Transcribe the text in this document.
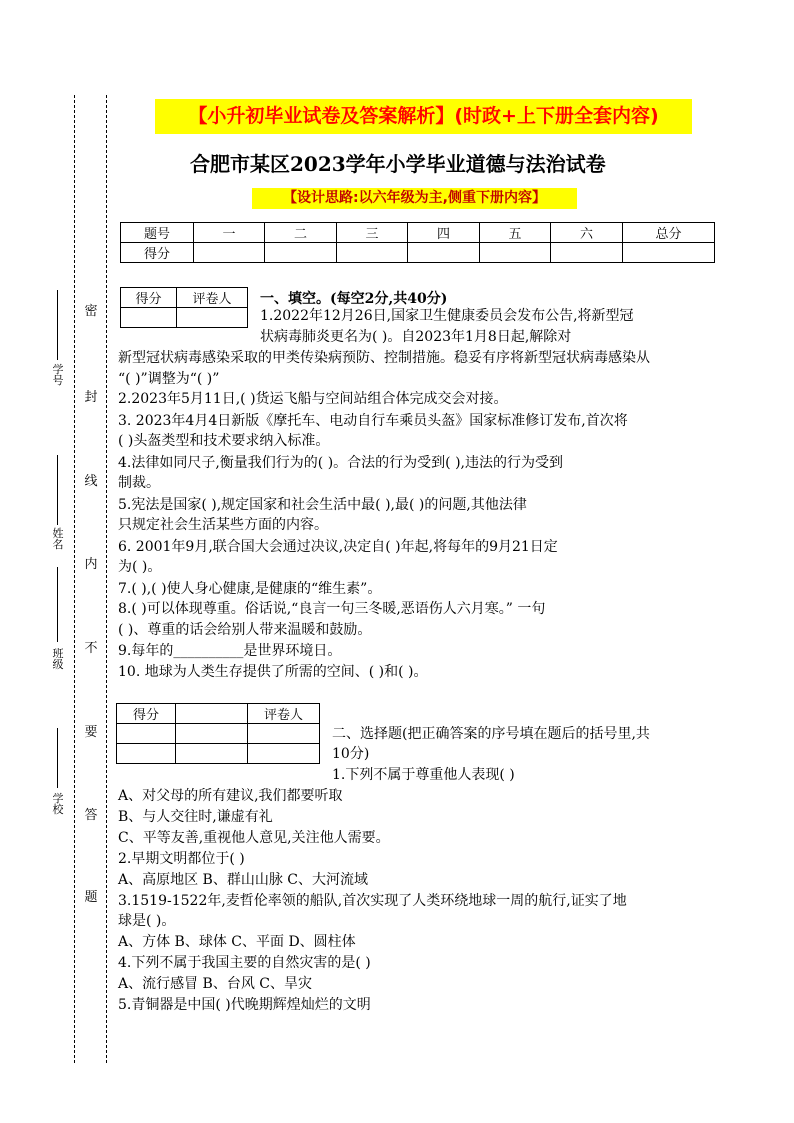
密
封
线
内
不
要
答
题
学号
姓名
班级
学校
【小升初毕业试卷及答案解析】(时政+上下册全套内容)
合肥市某区2023学年小学毕业道德与法治试卷
【设计思路:以六年级为主,侧重下册内容】
题号	一	二	三	四	五	六	总分
得分							
得分	评卷人
	一、填空。(每空2分,共40分)
1.2022年12月26日,国家卫生健康委员会发布公告,将新型冠
状病毒肺炎更名为( )。自2023年1月8日起,解除对
新型冠状病毒感染采取的甲类传染病预防、控制措施。稳妥有序将新型冠状病毒感染从
“( )”调整为“( )”
2.2023年5月11日,( )货运飞船与空间站组合体完成交会对接。
3. 2023年4月4日新版《摩托车、电动自行车乘员头盔》国家标准修订发布,首次将
( )头盔类型和技术要求纳入标准。
4.法律如同尺子,衡量我们行为的( )。合法的行为受到( ),违法的行为受到
制裁。
5.宪法是国家( ),规定国家和社会生活中最( ),最( )的问题,其他法律
只规定社会生活某些方面的内容。
6. 2001年9月,联合国大会通过决议,决定自( )年起,将每年的9月21日定
为( )。
7.( ),( )使人身心健康,是健康的“维生素”。
8.( )可以体现尊重。俗话说,“良言一句三冬暖,恶语伤人六月寒。” 一句
( )、尊重的话会给别人带来温暖和鼓励。
9.每年的__________是世界环境日。
10. 地球为人类生存提供了所需的空间、( )和( )。
得分		评卷人

二、选择题(把正确答案的序号填在题后的括号里,共
10分)
1.下列不属于尊重他人表现( )
A、对父母的所有建议,我们都要听取
B、与人交往时,谦虚有礼
C、平等友善,重视他人意见,关注他人需要。
2.早期文明都位于( )
A、高原地区 B、群山山脉 C、大河流域
3.1519-1522年,麦哲伦率领的船队,首次实现了人类环绕地球一周的航行,证实了地
球是( )。
A、方体 B、球体 C、平面 D、圆柱体
4.下列不属于我国主要的自然灾害的是( )
A、流行感冒 B、台风 C、旱灾
5.青铜器是中国( )代晚期辉煌灿烂的文明
